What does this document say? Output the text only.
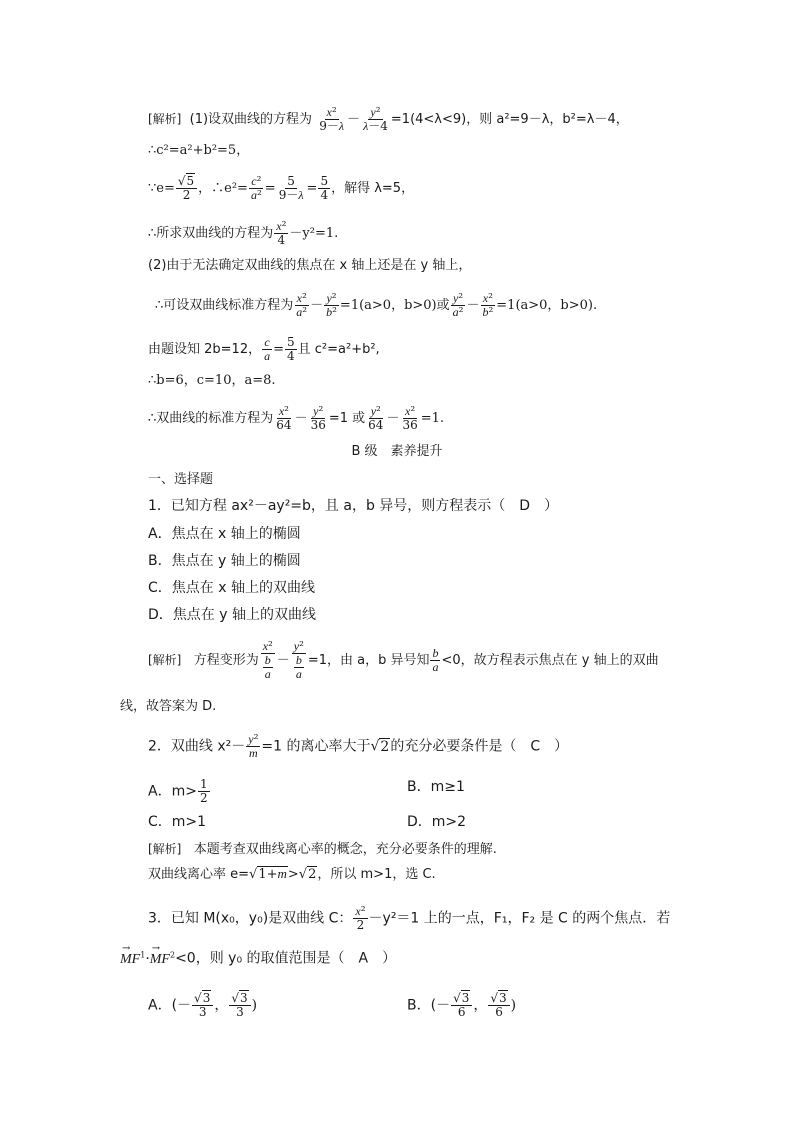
[解析] (1)设双曲线的方程为 $\frac{\text{x²}}{9-\lambda} - \frac{\text{y²}}{\lambda-4} =1(4<\lambda<9)$，则 a²=9－λ，b²=λ－4，
∴c²=a²+b²=5，
∵e= $\frac{√5}{2}$ ，∴e²= $\frac{\text{c²}}{\text{a²}} = \frac{5}{9-\lambda} = \frac{5}{4}$ ，解得 λ=5，
∴所求双曲线的方程为 $\frac{\text{x²}}{4} -y^2=1$.
(2)由于无法确定双曲线的焦点在 x 轴上还是在 y 轴上，
∴可设双曲线标准方程为 $\frac{\text{x²}}{\text{a²}} - \frac{\text{y²}}{\text{b²}} =1(a>0$，b>0)或 $\frac{\text{y²}}{\text{a²}} - \frac{\text{x²}}{\text{b²}} =1(a>0$，b>0).
由题设知 2b=12， $\frac{c}{a} = \frac{5}{4}$ 且 c²=a²+b²,
∴b=6，c=10，a=8.
∴双曲线的标准方程为 $\frac{\text{x²}}{64} - \frac{\text{y²}}{36} =1$ 或 $\frac{\text{y²}}{64} - \frac{\text{x²}}{36} =1$.
B 级　素养提升
一、选择题
1．已知方程 ax²－ay²=b，且 a，b 异号，则方程表示（　D　）
A．焦点在 x 轴上的椭圆
B．焦点在 y 轴上的椭圆
C．焦点在 x 轴上的双曲线
D．焦点在 y 轴上的双曲线
[解析] 方程变形为 $\frac{\text{x²}}{\frac{b}{a}} - \frac{\text{y²}}{\frac{b}{a}} =1$，由 a，b 异号知 $\frac{b}{a} <0$，故方程表示焦点在 y 轴上的双曲
线，故答案为 D.
2．双曲线 $x^2- \frac{\text{y²}}{m} =1$ 的离心率大于√2的充分必要条件是（　C　）
A．$m> \frac{1}{2}$	B．m≥1
C．m>1	D．m>2
[解析] 本题考查双曲线离心率的概念，充分必要条件的理解.
双曲线离心率 e=√1+m>√2，所以 m>1，选 C.
3．已知 M(x₀，y₀)是双曲线 C： $\frac{\text{x²}}{2} -y^2=1$ 上的一点，F₁，F₂ 是 C 的两个焦点．若
→
$MF^1\cdot$
→
$MF^2<0$，则 y₀ 的取值范围是（　A　）
A．(－ $\frac{√3}{3}$ ， $\frac{√3}{3}$ )	B．(－ $\frac{√3}{6}$ ， $\frac{√3}{6}$ )
